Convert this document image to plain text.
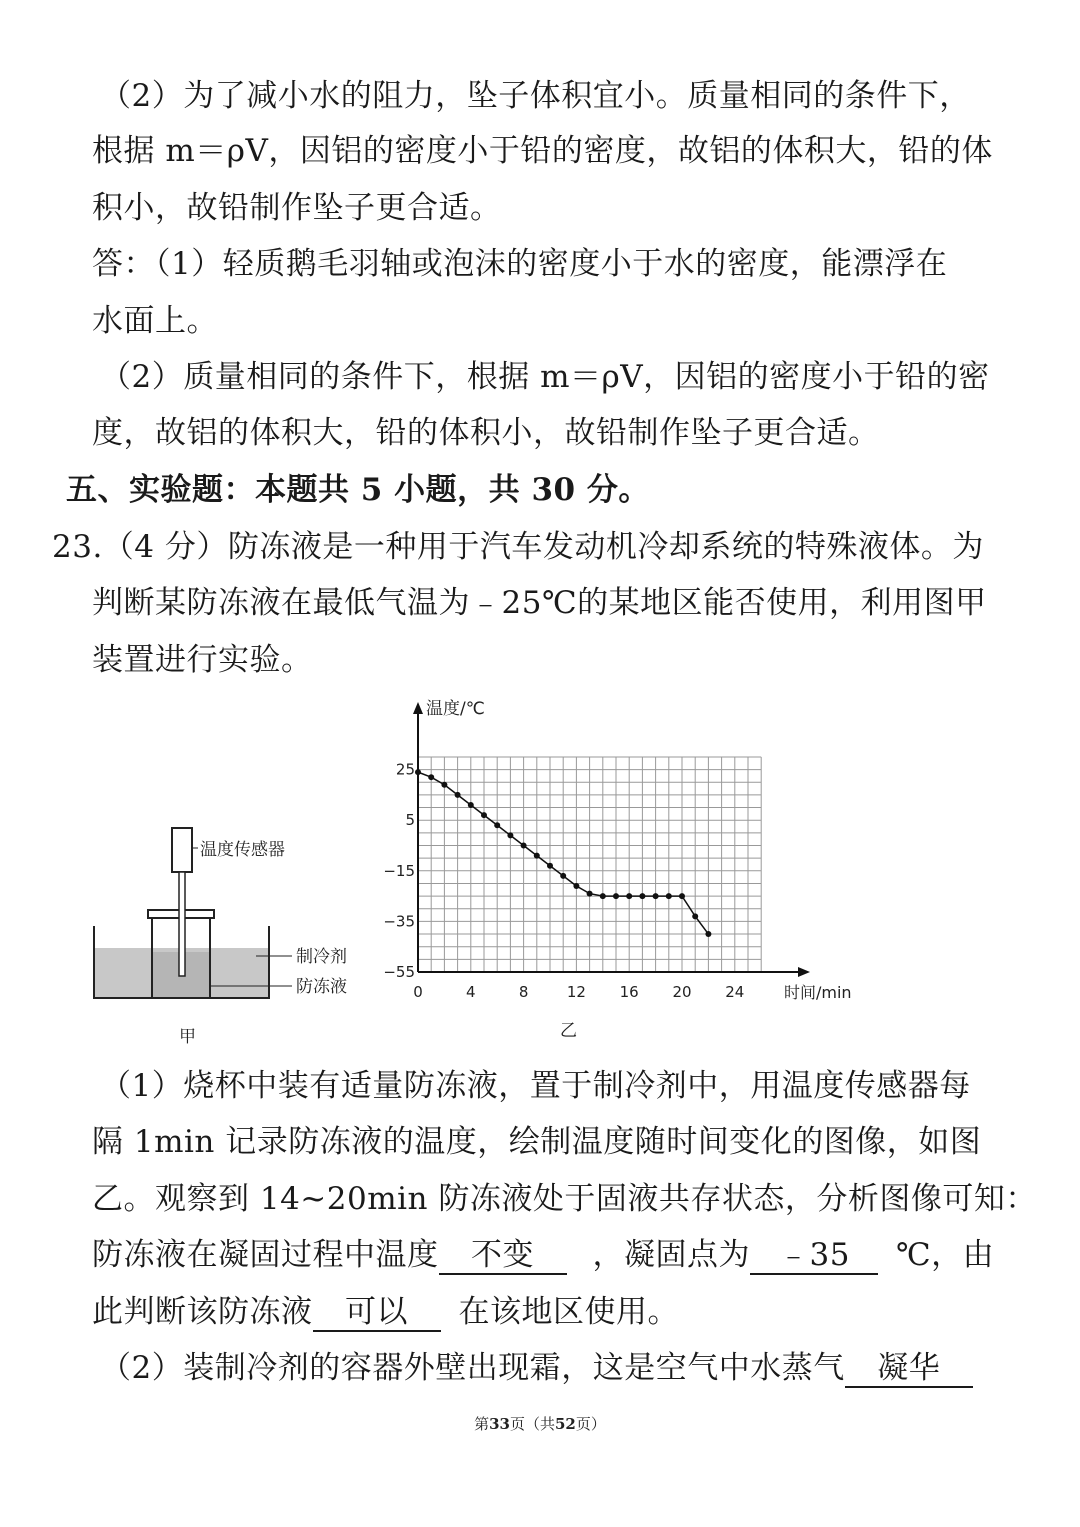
（2）为了减小水的阻力，坠子体积宜小。质量相同的条件下，
根据 m＝ρV，因铝的密度小于铅的密度，故铝的体积大，铅的体
积小，故铅制作坠子更合适。
答：（1）轻质鹅毛羽轴或泡沫的密度小于水的密度，能漂浮在
水面上。
（2）质量相同的条件下，根据 m＝ρV，因铝的密度小于铅的密
度，故铝的体积大，铅的体积小，故铅制作坠子更合适。
五、实验题：本题共 5 小题，共 30 分。
23.（4 分）防冻液是一种用于汽车发动机冷却系统的特殊液体。为
判断某防冻液在最低气温为﹣25℃的某地区能否使用，利用图甲
装置进行实验。
温度传感器
制冷剂
防冻液
甲
0	4	8	12 16 20 24
25
5
−15
−35
−55
温度/℃
时间/min
乙
（1）烧杯中装有适量防冻液，置于制冷剂中，用温度传感器每
隔 1min 记录防冻液的温度，绘制温度随时间变化的图像，如图
乙。观察到 14~20min 防冻液处于固液共存状态，分析图像可知：
防冻液在凝固过程中温度 不变 ，凝固点为 ﹣35 ℃，由
此判断该防冻液 可以 在该地区使用。
（2）装制冷剂的容器外壁出现霜，这是空气中水蒸气 凝华
第33页（共52页）
